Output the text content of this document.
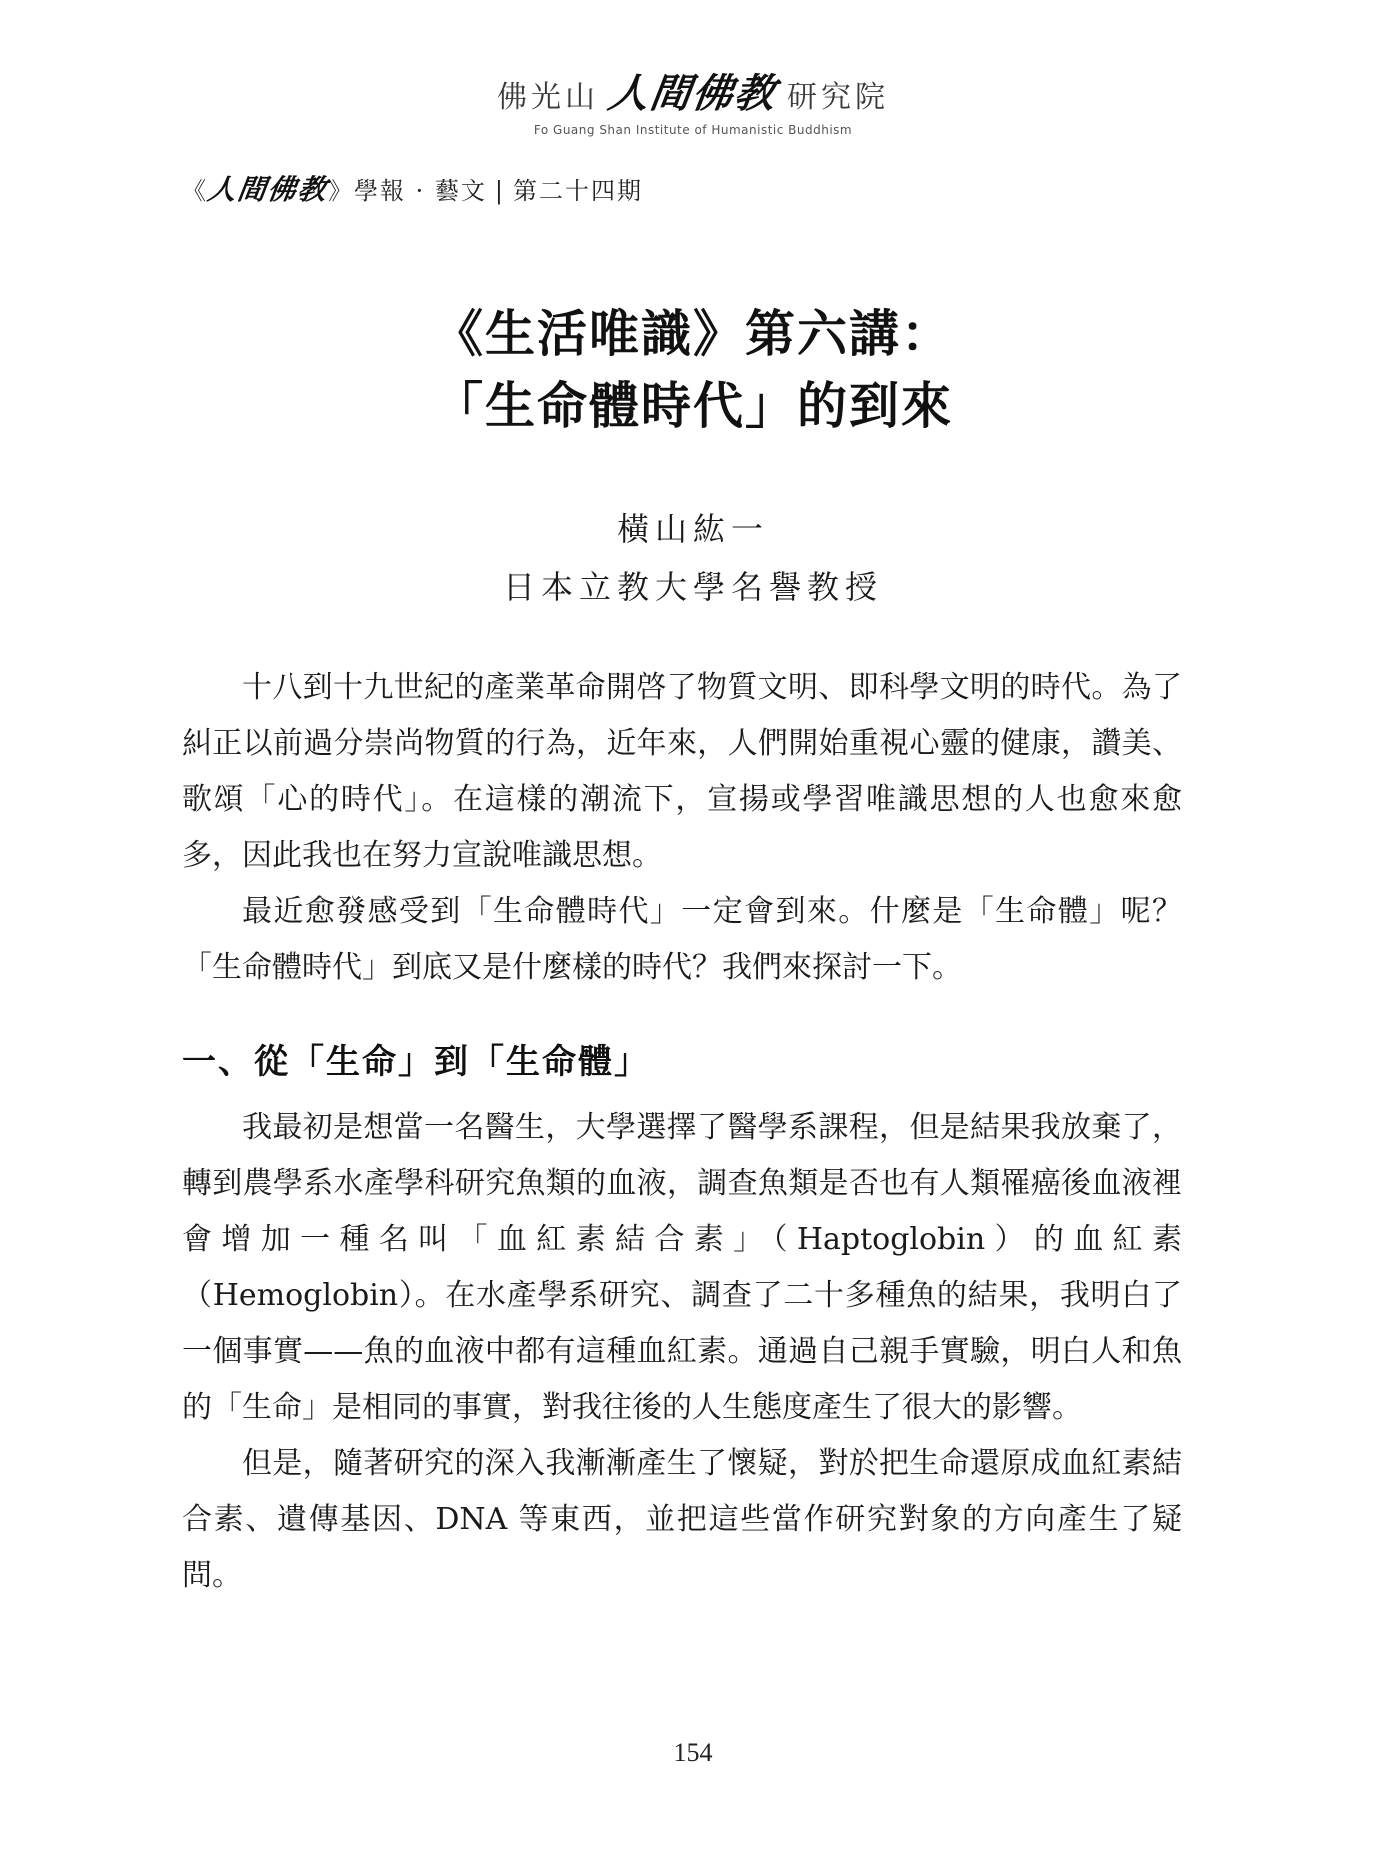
佛光山 人間佛教 研究院
Fo Guang Shan Institute of Humanistic Buddhism
《
人間佛教
》學報 · 藝文 | 第二十四期
《生活唯識》第六講：
「生命體時代」的到來
橫山紘一
日本立教大學名譽教授

十八到十九世紀的產業革命開啓了物質文明、即科學文明的時代。為了糾正以前過分崇尚物質的行為，近年來，人們開始重視心靈的健康，讚美、歌頌「心的時代」。在這樣的潮流下，宣揚或學習唯識思想的人也愈來愈多，因此我也在努力宣說唯識思想。

最近愈發感受到「生命體時代」一定會到來。什麼是「生命體」呢？「生命體時代」到底又是什麼樣的時代？我們來探討一下。

一、從「生命」到「生命體」

我最初是想當一名醫生，大學選擇了醫學系課程，但是結果我放棄了，轉到農學系水產學科研究魚類的血液，調查魚類是否也有人類罹癌後血液裡會增加一種名叫「血紅素結合素」（Haptoglobin）的血紅素（Hemoglobin）。在水產學系研究、調查了二十多種魚的結果，我明白了一個事實——魚的血液中都有這種血紅素。通過自己親手實驗，明白人和魚的「生命」是相同的事實，對我往後的人生態度產生了很大的影響。

但是，隨著研究的深入我漸漸產生了懷疑，對於把生命還原成血紅素結合素、遺傳基因、DNA 等東西，並把這些當作研究對象的方向產生了疑問。

154
